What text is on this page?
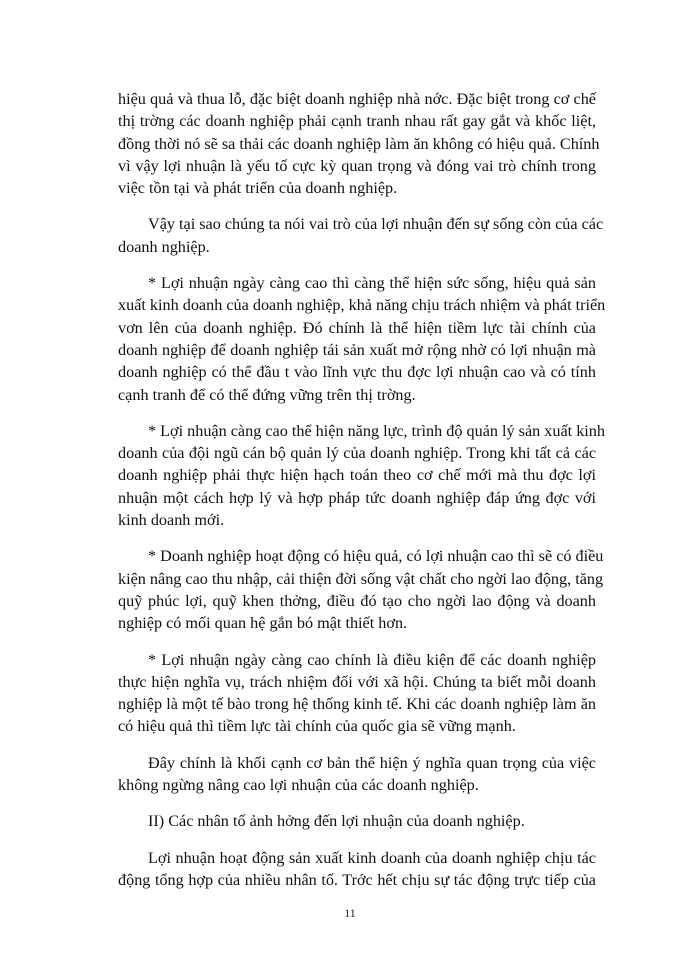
hiệu quả và thua lỗ, đặc biệt doanh nghiệp nhà nớc. Đặc biệt trong cơ chế
thị trờng các doanh nghiệp phải cạnh tranh nhau rất gay gắt và khốc liệt,
đồng thời nó sẽ sa thải các doanh nghiệp làm ăn không có hiệu quả. Chính
vì vậy lợi nhuận là yếu tố cực kỳ quan trọng và đóng vai trò chính trong
việc tồn tại và phát triển của doanh nghiệp.

Vậy tại sao chúng ta nói vai trò của lợi nhuận đến sự sống còn của các
doanh nghiệp.

* Lợi nhuận ngày càng cao thì càng thể hiện sức sống, hiệu quả sản
xuất kinh doanh của doanh nghiệp, khả năng chịu trách nhiệm và phát triển
vơn lên của doanh nghiệp. Đó chính là thể hiện tiềm lực tài chính của
doanh nghiệp để doanh nghiệp tái sản xuất mở rộng nhờ có lợi nhuận mà
doanh nghiệp có thể đầu t vào lĩnh vực thu đợc lợi nhuận cao và có tính
cạnh tranh để có thể đứng vững trên thị trờng.

* Lợi nhuận càng cao thể hiện năng lực, trình độ quản lý sản xuất kinh
doanh của đội ngũ cán bộ quản lý của doanh nghiệp. Trong khi tất cả các
doanh nghiệp phải thực hiện hạch toán theo cơ chế mới mà thu đợc lợi
nhuận một cách hợp lý và hợp pháp tức doanh nghiệp đáp ứng đợc với
kinh doanh mới.

* Doanh nghiệp hoạt động có hiệu quả, có lợi nhuận cao thì sẽ có điều
kiện nâng cao thu nhập, cải thiện đời sống vật chất cho ngời lao động, tăng
quỹ phúc lợi, quỹ khen thởng, điều đó tạo cho ngời lao động và doanh
nghiệp có mối quan hệ gắn bó mật thiết hơn.

* Lợi nhuận ngày càng cao chính là điều kiện để các doanh nghiệp
thực hiện nghĩa vụ, trách nhiệm đối với xã hội. Chúng ta biết mỗi doanh
nghiệp là một tế bào trong hệ thống kinh tế. Khi các doanh nghiệp làm ăn
có hiệu quả thì tiềm lực tài chính của quốc gia sẽ vững mạnh.

Đây chính là khối cạnh cơ bản thể hiện ý nghĩa quan trọng của việc
không ngừng nâng cao lợi nhuận của các doanh nghiệp.

II) Các nhân tố ảnh hởng đến lợi nhuận của doanh nghiệp.

Lợi nhuận hoạt động sản xuất kinh doanh của doanh nghiệp chịu tác
động tổng hợp của nhiều nhân tố. Trớc hết chịu sự tác động trực tiếp của

11
